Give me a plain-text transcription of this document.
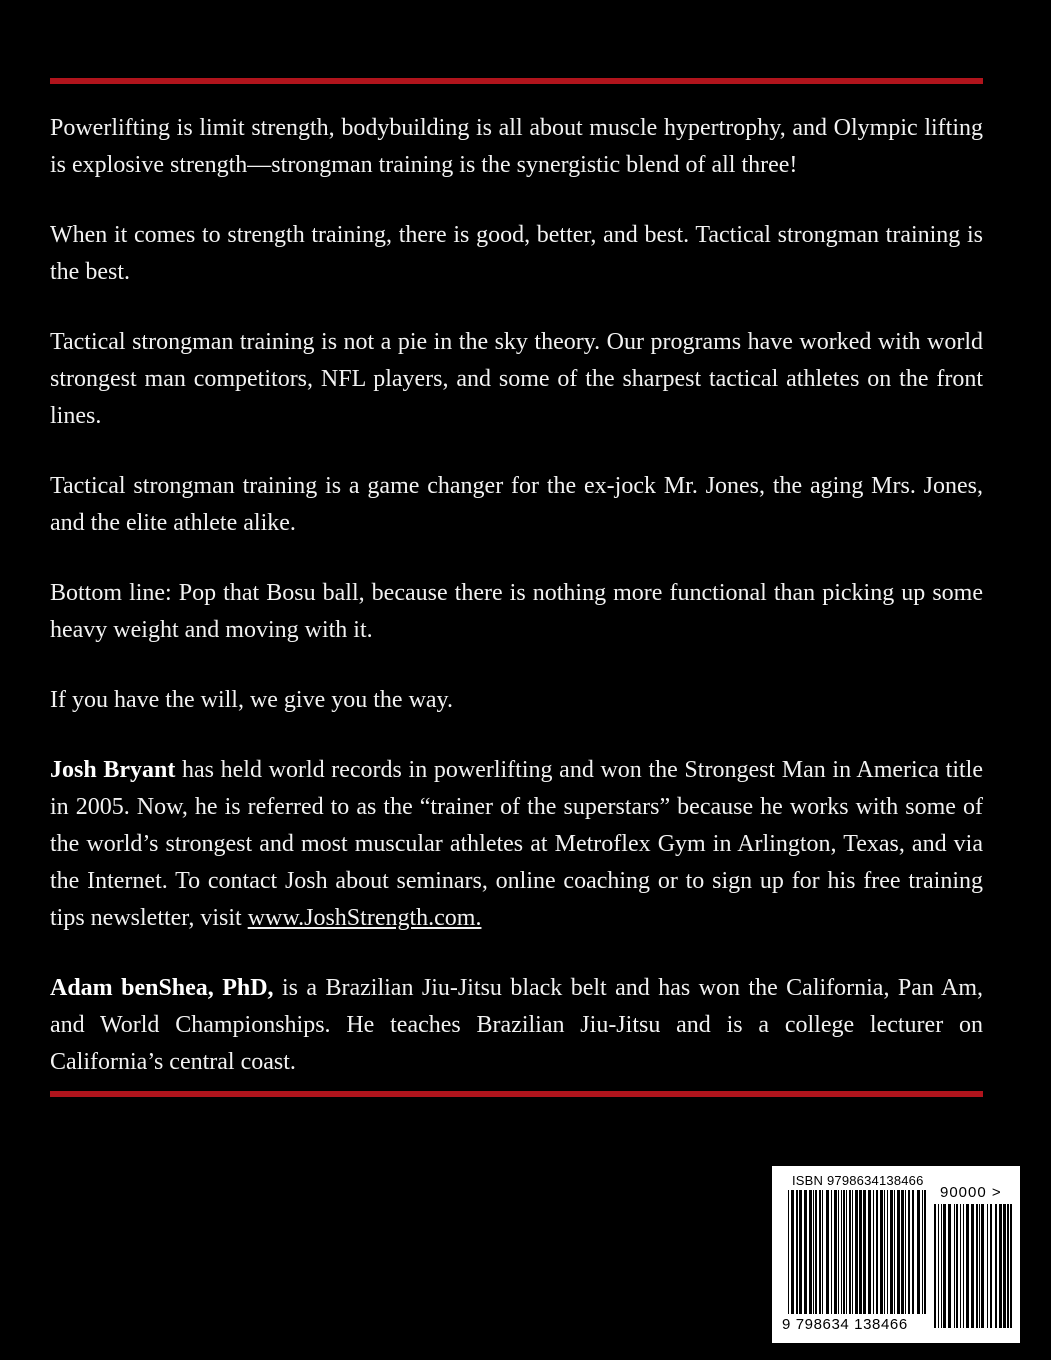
Powerlifting is limit strength, bodybuilding is all about muscle hypertrophy, and Olympic lifting is explosive strength—strongman training is the synergistic blend of all three!

When it comes to strength training, there is good, better, and best. Tactical strongman training is the best.

Tactical strongman training is not a pie in the sky theory. Our programs have worked with world strongest man competitors, NFL players, and some of the sharpest tactical athletes on the front lines.

Tactical strongman training is a game changer for the ex-jock Mr. Jones, the aging Mrs. Jones, and the elite athlete alike.

Bottom line: Pop that Bosu ball, because there is nothing more functional than picking up some heavy weight and moving with it.

If you have the will, we give you the way.

Josh Bryant has held world records in powerlifting and won the Strongest Man in America title in 2005. Now, he is referred to as the “trainer of the superstars” because he works with some of the world’s strongest and most muscular athletes at Metroflex Gym in Arlington, Texas, and via the Internet. To contact Josh about seminars, online coaching or to sign up for his free training tips newsletter, visit www.JoshStrength.com.

Adam benShea, PhD, is a Brazilian Jiu-Jitsu black belt and has won the California, Pan Am, and World Championships. He teaches Brazilian Jiu-Jitsu and is a college lecturer on California’s central coast.

ISBN 9798634138466
90000 >
9 798634 138466
